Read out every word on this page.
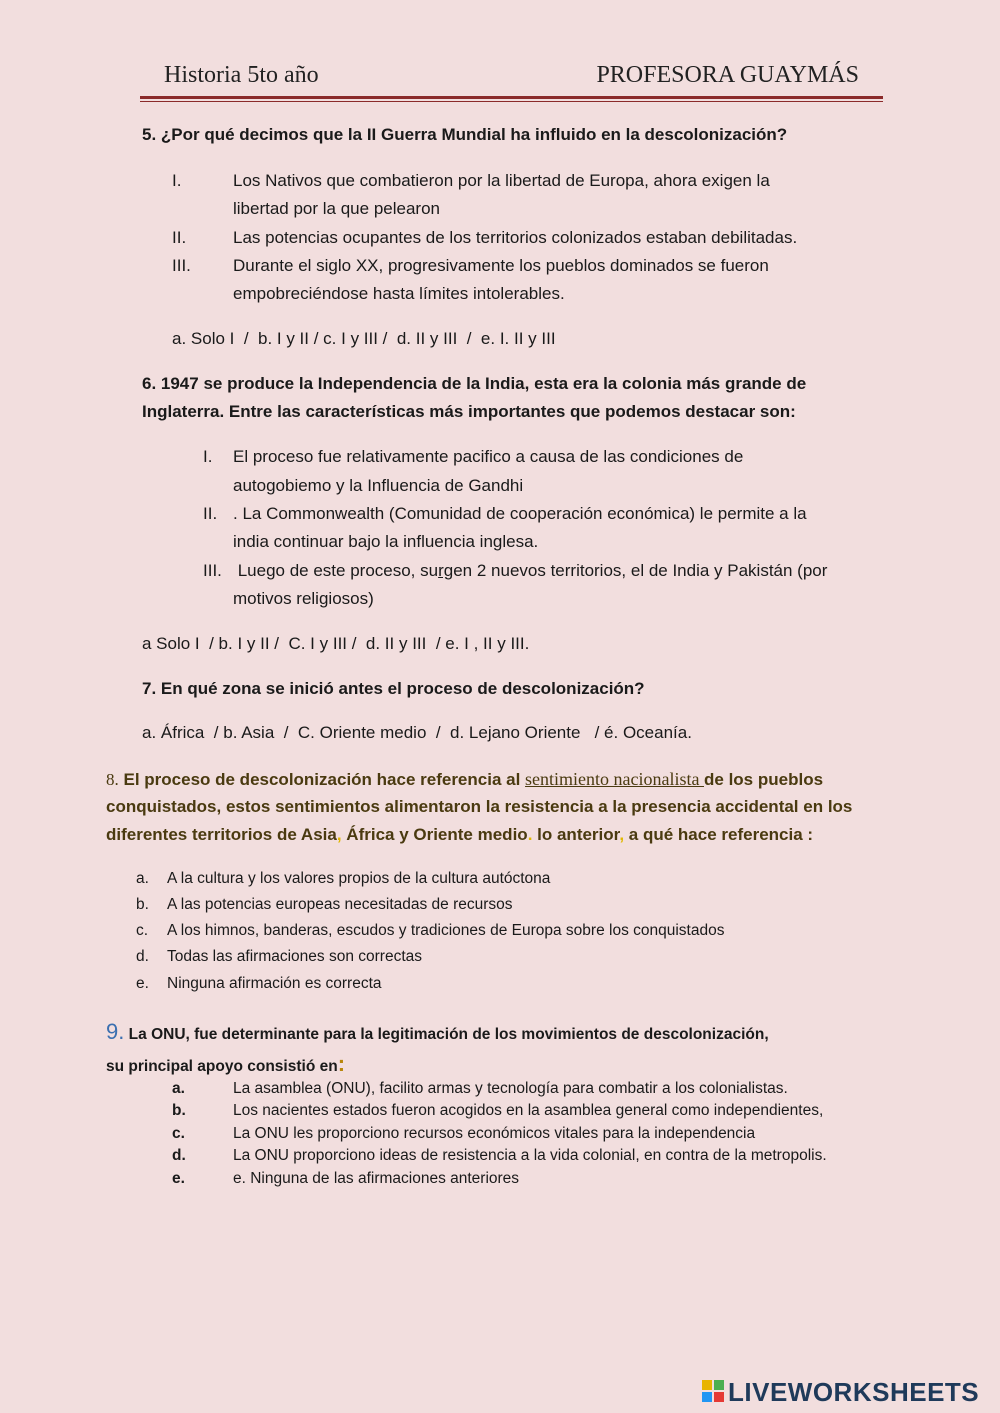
Historia 5to año	PROFESORA GUAYMÁS
5. ¿Por qué decimos que la II Guerra Mundial ha influido en la descolonización?
I.	Los Nativos que combatieron por la libertad de Europa, ahora exigen la
libertad por la que pelearon
II.	Las potencias ocupantes de los territorios colonizados estaban debilitadas.
III. Durante el siglo XX, progresivamente los pueblos dominados se fueron
empobreciéndose hasta límites intolerables.
a. Solo I  /  b. I y II / c. I y III /  d. II y III  /  e. I. II y III
6. 1947 se produce la Independencia de la India, esta era la colonia más grande de
Inglaterra. Entre las características más importantes que podemos destacar son:
I. El proceso fue relativamente pacifico a causa de las condiciones de
autogobiemo y la Influencia de Gandhi
II. . La Commonwealth (Comunidad de cooperación económica) le permite a la
india continuar bajo la influencia inglesa.
III. Luego de este proceso, surgen 2 nuevos territorios, el de India y Pakistán (por
motivos religiosos)
a Solo I  / b. I y II /  C. I y III /  d. II y III  / e. I , II y III.
7. En qué zona se inició antes el proceso de descolonización?
a. África  / b. Asia  /  C. Oriente medio  /  d. Lejano Oriente   / é. Oceanía.
8. El proceso de descolonización hace referencia al sentimiento nacionalista de los pueblos
conquistados, estos sentimientos alimentaron la resistencia a la presencia accidental en los
diferentes territorios de Asia, África y Oriente medio. lo anterior, a qué hace referencia :
a. A la cultura y los valores propios de la cultura autóctona
b. A las potencias europeas necesitadas de recursos
c. A los himnos, banderas, escudos y tradiciones de Europa sobre los conquistados
d. Todas las afirmaciones son correctas
e. Ninguna afirmación es correcta
9. La ONU, fue determinante para la legitimación de los movimientos de descolonización,
su principal apoyo consistió en:
a.	La asamblea (ONU), facilito armas y tecnología para combatir a los colonialistas.
b.	Los nacientes estados fueron acogidos en la asamblea general como independientes,
c.	La ONU les proporciono recursos económicos vitales para la independencia
d.	La ONU proporciono ideas de resistencia a la vida colonial, en contra de la metropolis.
e.	e. Ninguna de las afirmaciones anteriores
LIVEWORKSHEETS
